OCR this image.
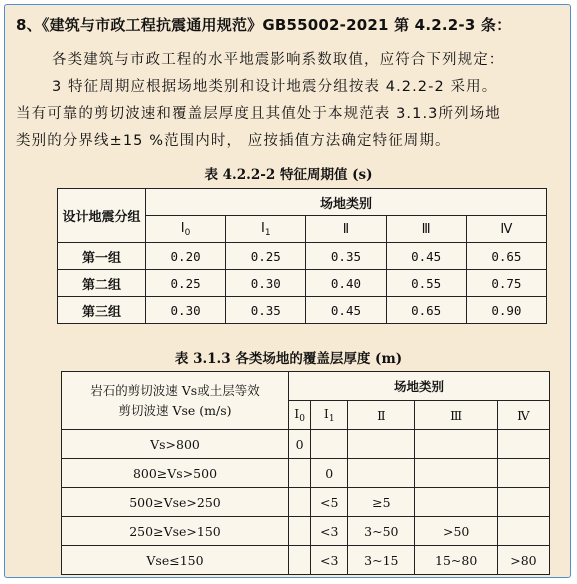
8、《建筑与市政工程抗震通用规范》GB55002-2021 第 4.2.2-3 条：
各类建筑与市政工程的水平地震影响系数取值，应符合下列规定：
3 特征周期应根据场地类别和设计地震分组按表 4.2.2-2 采用。
当有可靠的剪切波速和覆盖层厚度且其值处于本规范表 3.1.3所列场地
类别的分界线±15 %范围内时， 应按插值方法确定特征周期。
表 4.2.2-2 特征周期值 (s)
设计地震分组	场地类别				
	$Ⅰ_0$	$Ⅰ_1$	Ⅱ	Ⅲ	Ⅳ
第一组	0.20	0.25	0.35	0.45	0.65
第二组	0.25	0.30	0.40	0.55	0.75
第三组	0.30	0.35	0.45	0.65	0.90
表 3.1.3 各类场地的覆盖层厚度 (m)
岩石的剪切波速 Vs或土层等效
剪切波速 Vse (m/s)	场地类别				
	$Ⅰ_0$	$Ⅰ_1$	Ⅱ	Ⅲ	Ⅳ
Vs>800	0				
800≥Vs>500		0			
500≥Vse>250		<5	≥5		
250≥Vse>150		<3	3~50	>50	
Vse≤150		<3	3~15	15~80	>80
